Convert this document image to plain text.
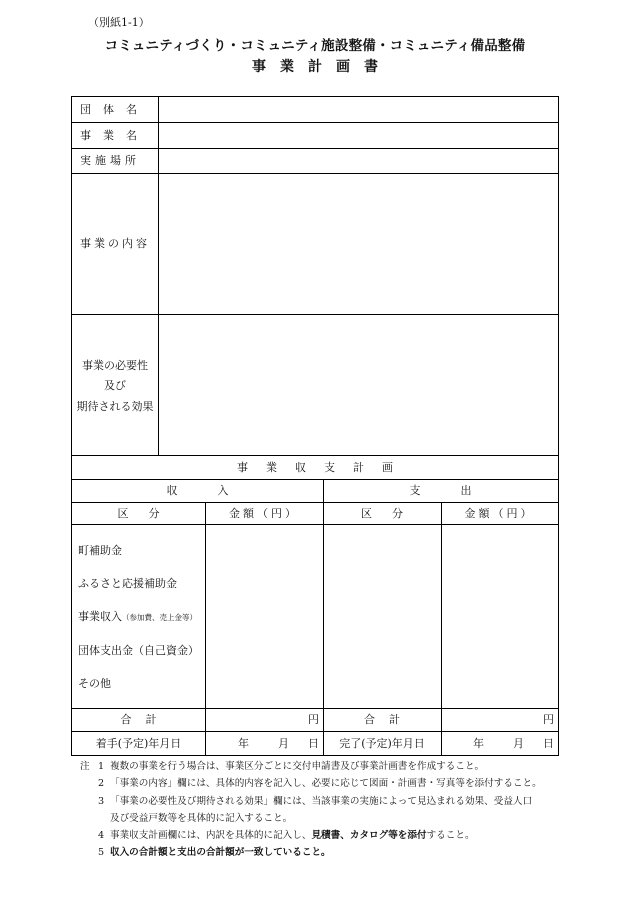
（別紙1-1）
コミュニティづくり・コミュニティ施設整備・コミュニティ備品整備
事業計画書
団体名
事業名
実施場所
事業の内容
事業の必要性
及び
期待される効果
事業収支計画
収入	支出
区分	金額（円）	区分	金額（円）
町補助金
ふるさと応援補助金
事業収入（参加費、売上金等）
団体支出金（自己資金）
その他
合計	円	合計	円
着手(予定)年月日	年	月 日	完了(予定)年月日	年	月 日
注 1 複数の事業を行う場合は、事業区分ごとに交付申請書及び事業計画書を作成すること。
2 「事業の内容」欄には、具体的内容を記入し、必要に応じて図面・計画書・写真等を添付すること。
3 「事業の必要性及び期待される効果」欄には、当該事業の実施によって見込まれる効果、受益人口
及び受益戸数等を具体的に記入すること。
4 事業収支計画欄には、内訳を具体的に記入し、見積書、カタログ等を添付すること。
5 収入の合計額と支出の合計額が一致していること。
